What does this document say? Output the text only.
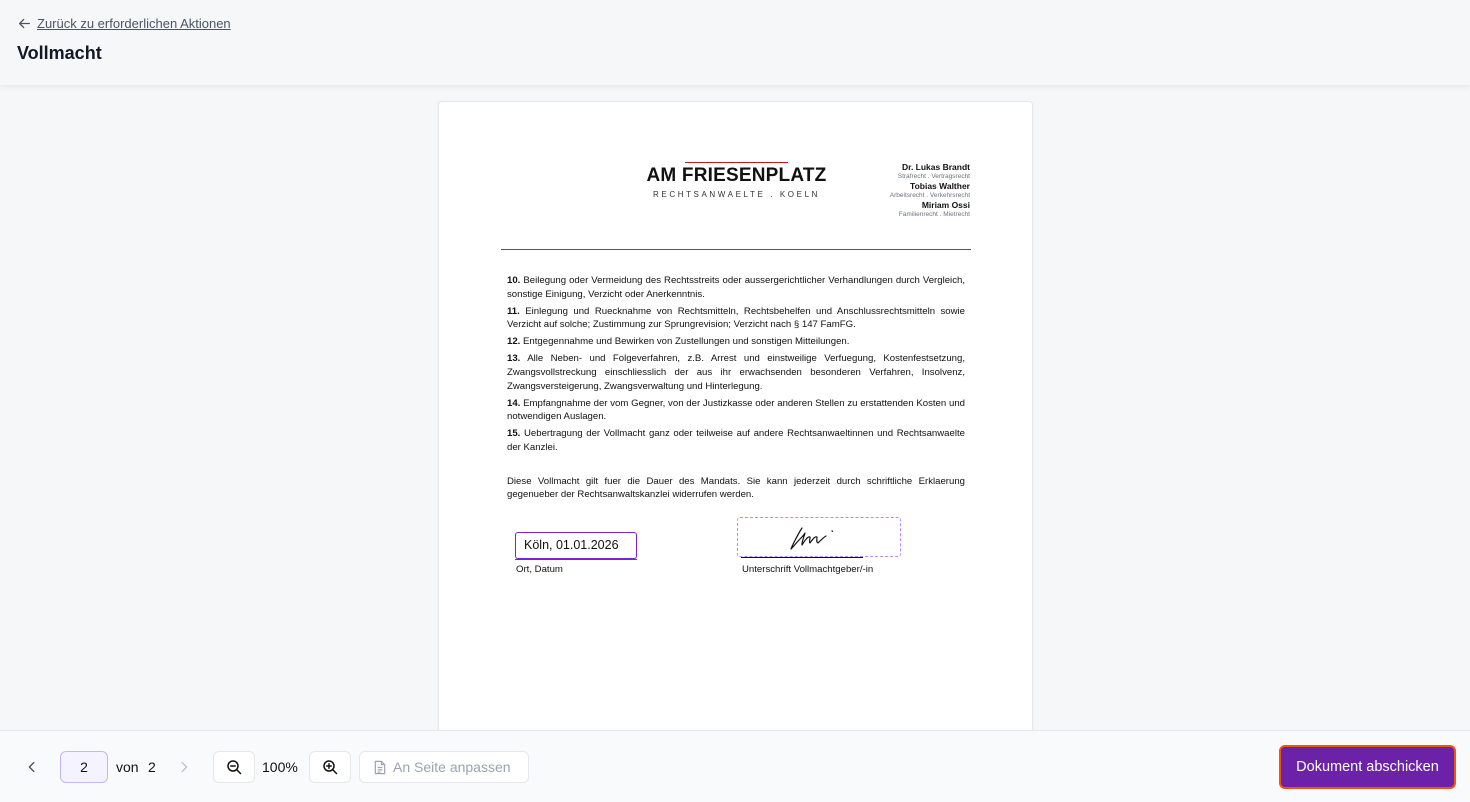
Zurück zu erforderlichen Aktionen
Vollmacht
AM FRIESENPLATZ
RECHTSANWAELTE . KOELN
Dr. Lukas Brandt
Strafrecht . Vertragsrecht
Tobias Walther
Arbeitsrecht . Verkehrsrecht
Miriam Ossi
Familienrecht . Mietrecht

10. Beilegung oder Vermeidung des Rechtsstreits oder aussergerichtlicher Verhandlungen durch Vergleich, sonstige Einigung, Verzicht oder Anerkenntnis.

11. Einlegung und Ruecknahme von Rechtsmitteln, Rechtsbehelfen und Anschlussrechtsmitteln sowie Verzicht auf solche; Zustimmung zur Sprungrevision; Verzicht nach § 147 FamFG.

12. Entgegennahme und Bewirken von Zustellungen und sonstigen Mitteilungen.

13. Alle Neben- und Folgeverfahren, z.B. Arrest und einstweilige Verfuegung, Kostenfestsetzung, Zwangsvollstreckung einschliesslich der aus ihr erwachsenden besonderen Verfahren, Insolvenz, Zwangsversteigerung, Zwangsverwaltung und Hinterlegung.

14. Empfangnahme der vom Gegner, von der Justizkasse oder anderen Stellen zu erstattenden Kosten und notwendigen Auslagen.

15. Uebertragung der Vollmacht ganz oder teilweise auf andere Rechtsanwaeltinnen und Rechtsanwaelte der Kanzlei.

Diese Vollmacht gilt fuer die Dauer des Mandats. Sie kann jederzeit durch schriftliche Erklaerung gegenueber der Rechtsanwaltskanzlei widerrufen werden.

Köln, 01.01.2026
Ort, Datum	Unterschrift Vollmachtgeber/-in
2
von 2	100%	An Seite anpassen	Dokument abschicken
